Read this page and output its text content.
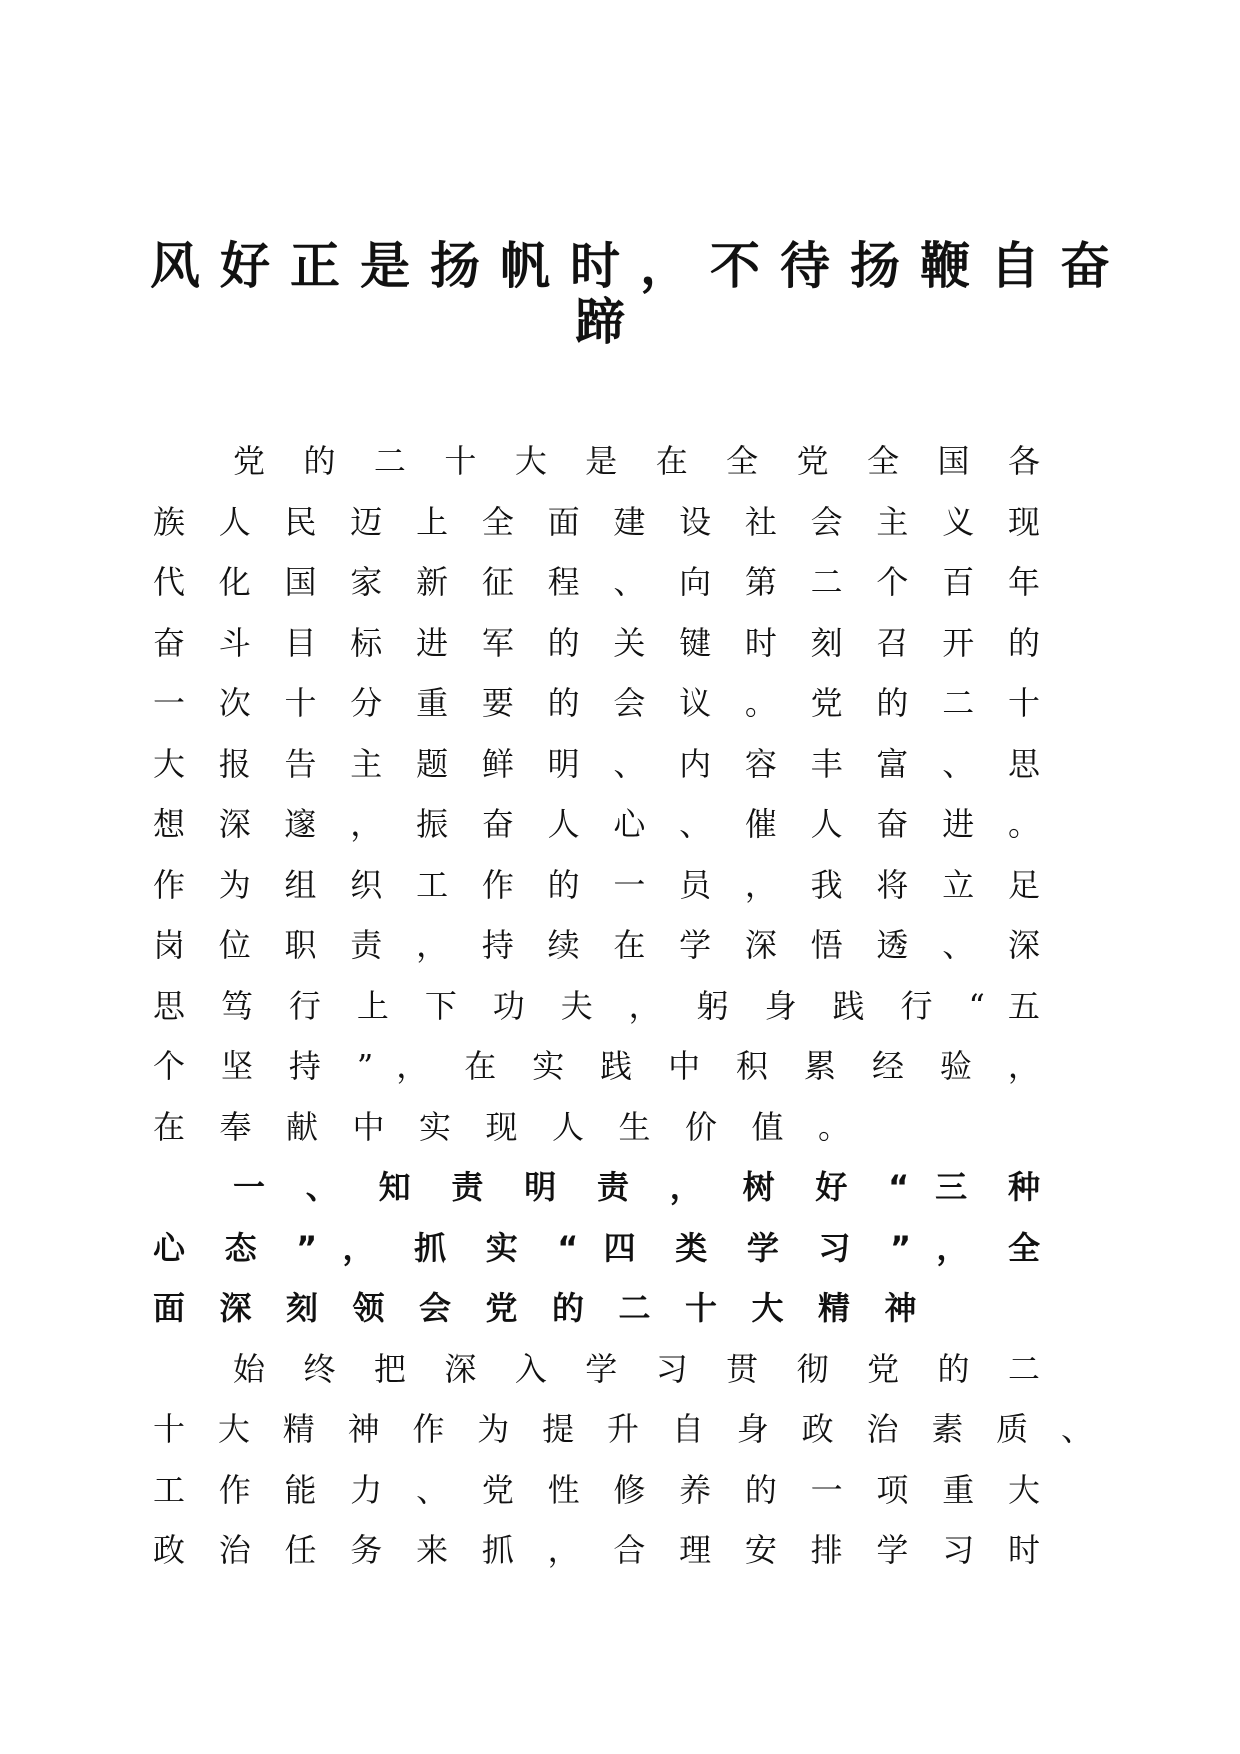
风好正是扬帆时，不待扬鞭自奋
蹄
党 的 二 十 大 是 在 全 党 全 国 各
族 人 民 迈 上 全 面 建 设 社 会 主 义 现
代 化 国 家 新 征 程 、 向 第 二 个 百 年
奋 斗 目 标 进 军 的 关 键 时 刻 召 开 的
一 次 十 分 重 要 的 会 议 。 党 的 二 十
大 报 告 主 题 鲜 明 、 内 容 丰 富 、 思
想 深 邃 ， 振 奋 人 心 、 催 人 奋 进 。
作 为 组 织 工 作 的 一 员 ， 我 将 立 足
岗 位 职 责 ， 持 续 在 学 深 悟 透 、 深
思 笃 行 上 下 功 夫 ， 躬 身 践 行 “ 五
个 坚 持 ” ， 在 实 践 中 积 累 经 验 ，
在奉献中实现人生价值。
一 、 知 责 明 责 ， 树 好 “ 三 种
心 态 ” ， 抓 实 “ 四 类 学 习 ” ， 全
面深刻领会党的二十大精神
始 终 把 深 入 学 习 贯 彻 党 的 二
十 大 精 神 作 为 提 升 自 身 政 治 素 质 、
工 作 能 力 、 党 性 修 养 的 一 项 重 大
政 治 任 务 来 抓 ， 合 理 安 排 学 习 时
